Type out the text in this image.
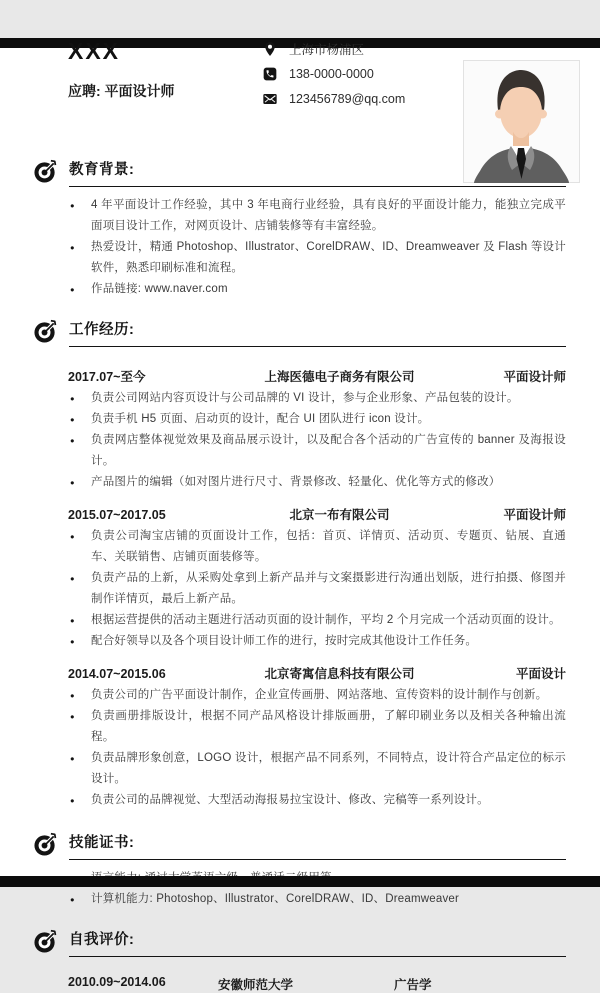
XXX
应聘: 平面设计师
上海市杨浦区
138-0000-0000
123456789@qq.com
教育背景:
● 4 年平面设计工作经验，其中 3 年电商行业经验，具有良好的平面设计能力，能独立完成平面项目设计工作，对网页设计、店铺装修等有丰富经验。
● 热爱设计，精通 Photoshop、Illustrator、CorelDRAW、ID、Dreamweaver 及 Flash 等设计软件，熟悉印刷标准和流程。
● 作品链接: www.naver.com
工作经历:
2017.07~至今	上海医德电子商务有限公司	平面设计师
● 负责公司网站内容页设计与公司品牌的 VI 设计，参与企业形象、产品包装的设计。
● 负责手机 H5 页面、启动页的设计，配合 UI 团队进行 icon 设计。
● 负责网店整体视觉效果及商品展示设计，以及配合各个活动的广告宣传的 banner 及海报设计。
● 产品图片的编辑（如对图片进行尺寸、背景修改、轻量化、优化等方式的修改）
2015.07~2017.05	北京一布有限公司	平面设计师
● 负责公司淘宝店铺的页面设计工作，包括：首页、详情页、活动页、专题页、钻展、直通车、关联销售、店铺页面装修等。
● 负责产品的上新，从采购处拿到上新产品并与文案摄影进行沟通出划版，进行拍摄、修图并制作详情页，最后上新产品。
● 根据运营提供的活动主题进行活动页面的设计制作，平均 2 个月完成一个活动页面的设计。
● 配合好领导以及各个项目设计师工作的进行，按时完成其他设计工作任务。
2014.07~2015.06	北京寄寓信息科技有限公司	平面设计
● 负责公司的广告平面设计制作，企业宣传画册、网站落地、宣传资料的设计制作与创新。
● 负责画册排版设计，根据不同产品风格设计排版画册，了解印刷业务以及相关各种输出流程。
● 负责品牌形象创意，LOGO 设计，根据产品不同系列，不同特点，设计符合产品定位的标示设计。
● 负责公司的品牌视觉、大型活动海报易拉宝设计、修改、完稿等一系列设计。
技能证书:
●
● 计算机能力: Photoshop、Illustrator、CorelDRAW、ID、Dreamweaver
自我评价:
2010.09~2014.06	安徽师范大学	广告学
